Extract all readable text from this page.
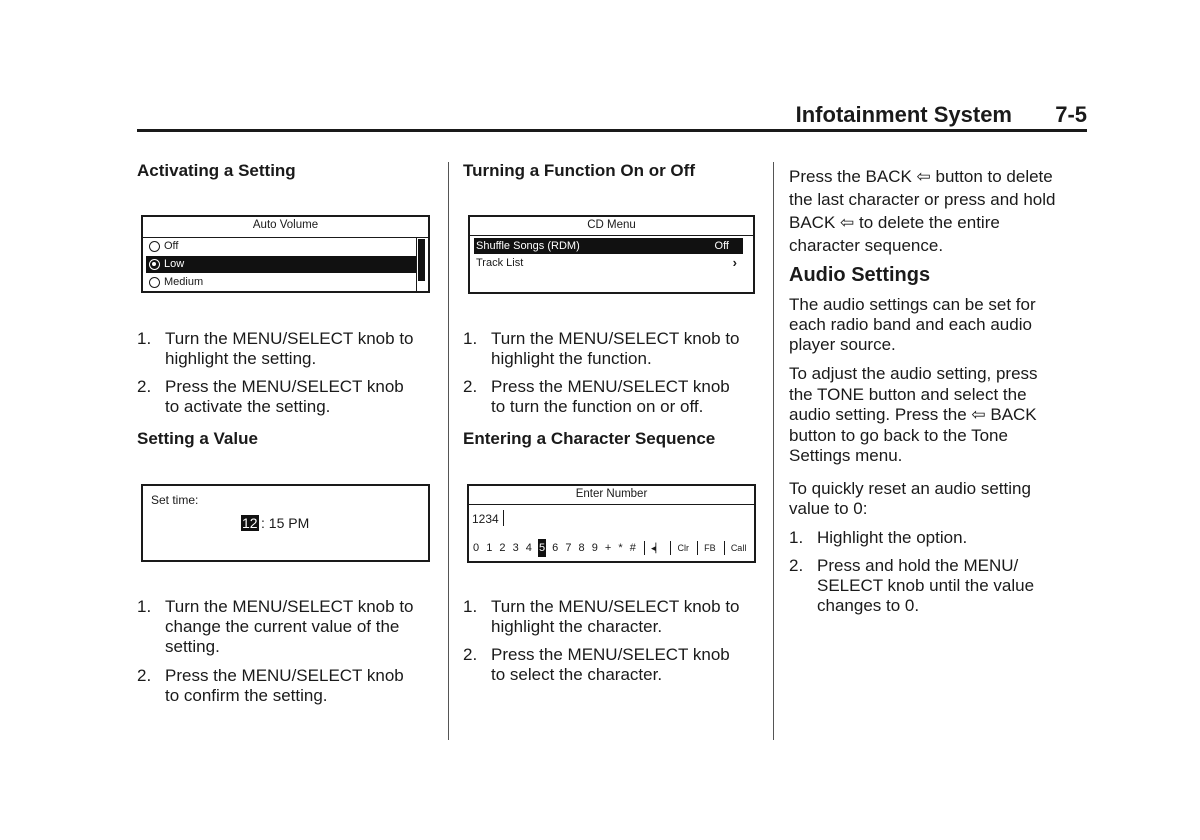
Infotainment System 7-5
Activating a Setting
Auto Volume
Off
Low
Medium
1. Turn the MENU/SELECT knob to
highlight the setting.
2. Press the MENU/SELECT knob
to activate the setting.
Setting a Value
Set time:
12 : 15 PM
1. Turn the MENU/SELECT knob to
change the current value of the
setting.
2. Press the MENU/SELECT knob
to confirm the setting.
Turning a Function On or Off
CD Menu
Shuffle Songs (RDM)	Off
Track List	›
1. Turn the MENU/SELECT knob to
highlight the function.
2. Press the MENU/SELECT knob
to turn the function on or off.
Entering a Character Sequence
Enter Number
1234
0 1 2 3 4 5 6 7 8 9 + * # ◂▏ Clr FB Call
1. Turn the MENU/SELECT knob to
highlight the character.
2. Press the MENU/SELECT knob
to select the character.
Press the BACK ⇦ button to delete
the last character or press and hold
BACK ⇦ to delete the entire
character sequence.
Audio Settings
The audio settings can be set for
each radio band and each audio
player source.
To adjust the audio setting, press
the TONE button and select the
audio setting. Press the ⇦ BACK
button to go back to the Tone
Settings menu.
To quickly reset an audio setting
value to 0:
1. Highlight the option.
2. Press and hold the MENU/
SELECT knob until the value
changes to 0.
